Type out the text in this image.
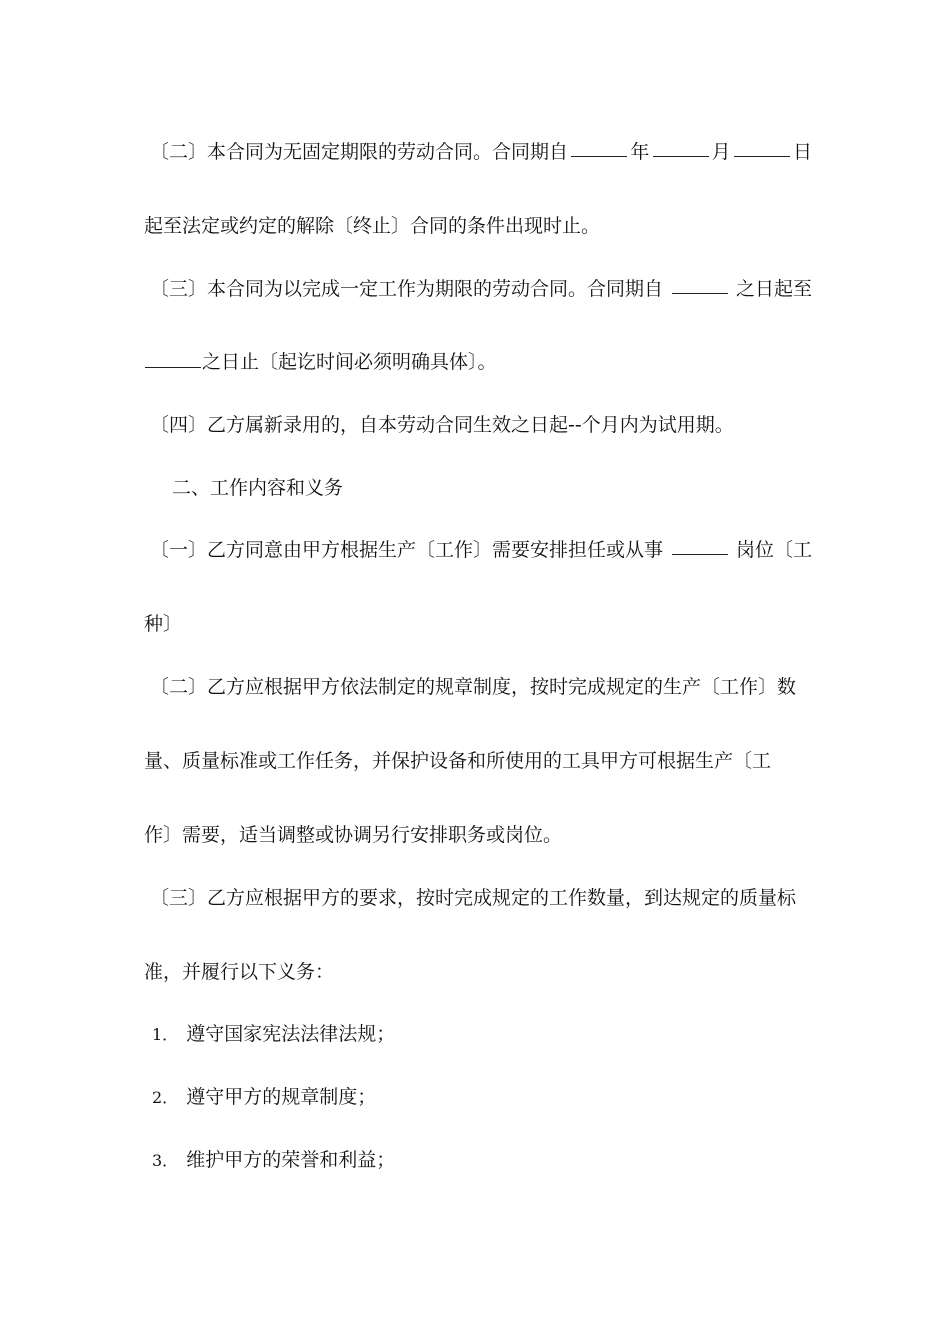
〔二〕本合同为无固定期限的劳动合同。合同期自	年	月	日
起至法定或约定的解除〔终止〕合同的条件出现时止。
〔三〕本合同为以完成一定工作为期限的劳动合同。合同期自	之日起至
之日止〔起讫时间必须明确具体〕。
〔四〕乙方属新录用的，自本劳动合同生效之日起--个月内为试用期。
二、工作内容和义务
〔一〕乙方同意由甲方根据生产〔工作〕需要安排担任或从事	岗位〔工
种〕
〔二〕乙方应根据甲方依法制定的规章制度，按时完成规定的生产〔工作〕数
量、质量标准或工作任务，并保护设备和所使用的工具甲方可根据生产〔工
作〕需要，适当调整或协调另行安排职务或岗位。
〔三〕乙方应根据甲方的要求，按时完成规定的工作数量，到达规定的质量标
准，并履行以下义务：
1． 遵守国家宪法法律法规；
2． 遵守甲方的规章制度；
3． 维护甲方的荣誉和利益；
